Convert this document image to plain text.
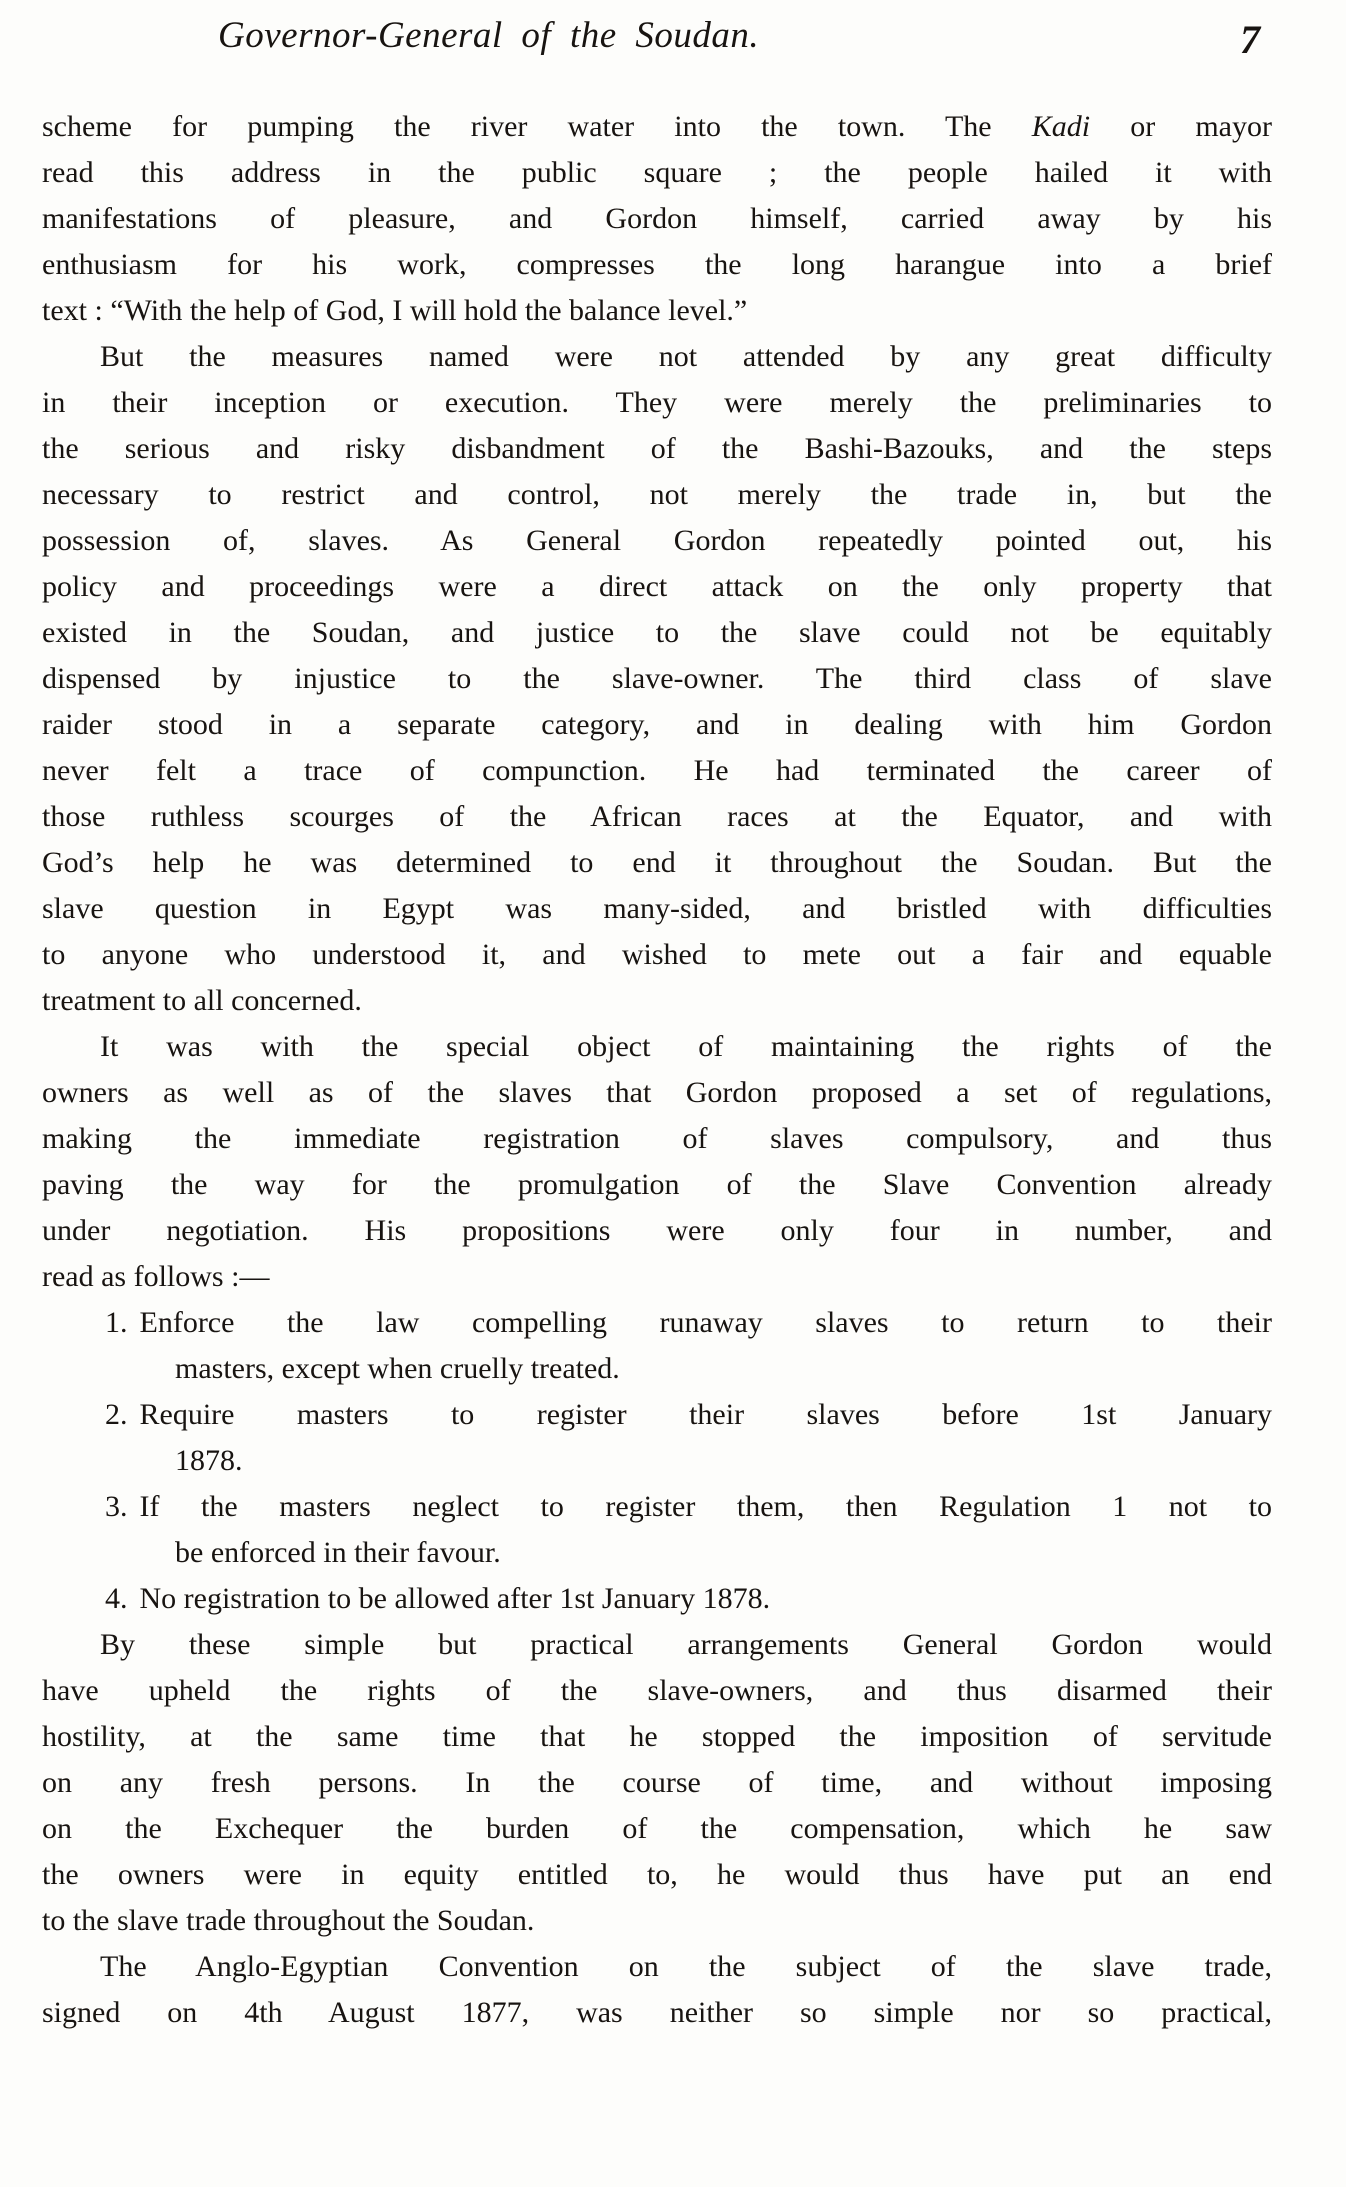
Governor-General of the Soudan.	7
scheme for pumping the river water into the town. The Kadi or mayor
read this address in the public square ; the people hailed it with
manifestations of pleasure, and Gordon himself, carried away by his
enthusiasm for his work, compresses the long harangue into a brief
text : “With the help of God, I will hold the balance level.”
But the measures named were not attended by any great difficulty
in their inception or execution. They were merely the preliminaries to
the serious and risky disbandment of the Bashi-Bazouks, and the steps
necessary to restrict and control, not merely the trade in, but the
possession of, slaves. As General Gordon repeatedly pointed out, his
policy and proceedings were a direct attack on the only property that
existed in the Soudan, and justice to the slave could not be equitably
dispensed by injustice to the slave-owner. The third class of slave
raider stood in a separate category, and in dealing with him Gordon
never felt a trace of compunction. He had terminated the career of
those ruthless scourges of the African races at the Equator, and with
God’s help he was determined to end it throughout the Soudan. But the
slave question in Egypt was many-sided, and bristled with difficulties
to anyone who understood it, and wished to mete out a fair and equable
treatment to all concerned.
It was with the special object of maintaining the rights of the
owners as well as of the slaves that Gordon proposed a set of regulations,
making the immediate registration of slaves compulsory, and thus
paving the way for the promulgation of the Slave Convention already
under negotiation. His propositions were only four in number, and
read as follows :—
1. Enforce the law compelling runaway slaves to return to their
masters, except when cruelly treated.
2. Require masters to register their slaves before 1st January
1878.
3. If the masters neglect to register them, then Regulation 1 not to
be enforced in their favour.
4. No registration to be allowed after 1st January 1878.
By these simple but practical arrangements General Gordon would
have upheld the rights of the slave-owners, and thus disarmed their
hostility, at the same time that he stopped the imposition of servitude
on any fresh persons. In the course of time, and without imposing
on the Exchequer the burden of the compensation, which he saw
the owners were in equity entitled to, he would thus have put an end
to the slave trade throughout the Soudan.
The Anglo-Egyptian Convention on the subject of the slave trade,
signed on 4th August 1877, was neither so simple nor so practical,
